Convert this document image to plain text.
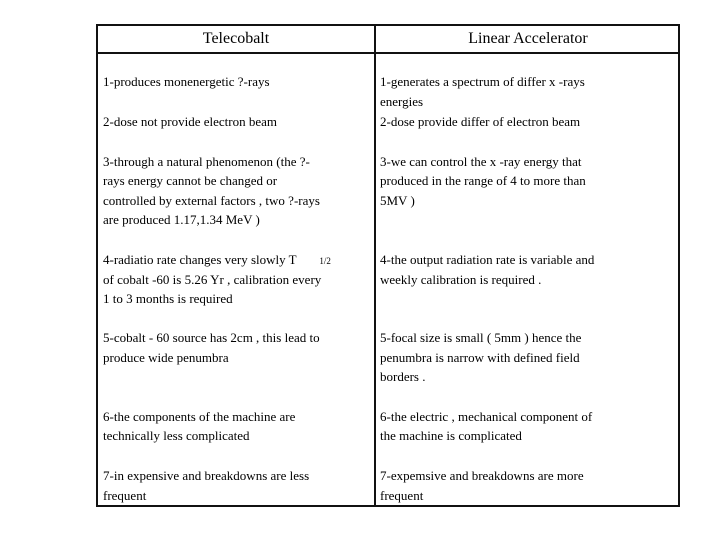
Telecobalt	Linear Accelerator
1-produces monenergetic ?-rays
2-dose not provide electron beam
1-generates a spectrum of differ x -rays
energies
2-dose provide differ of electron beam
3-through a natural phenomenon (the ?-
rays energy cannot be changed or
controlled by external factors , two ?-rays
are produced 1.17,1.34 MeV )
3-we can control the x -ray energy that
produced in the range of 4 to more than
5MV )
4-radiatio rate changes very slowly T	1/2
of cobalt -60 is 5.26 Yr , calibration every
1 to 3 months is required
4-the output radiation rate is variable and
weekly calibration is required .
5-cobalt - 60 source has 2cm , this lead to
produce wide penumbra
5-focal size is small ( 5mm ) hence the
penumbra is narrow with defined field
borders .
6-the components of the machine are
technically less complicated
6-the electric , mechanical component of
the machine is complicated
7-in expensive and breakdowns are less
frequent
7-expemsive and breakdowns are more
frequent
